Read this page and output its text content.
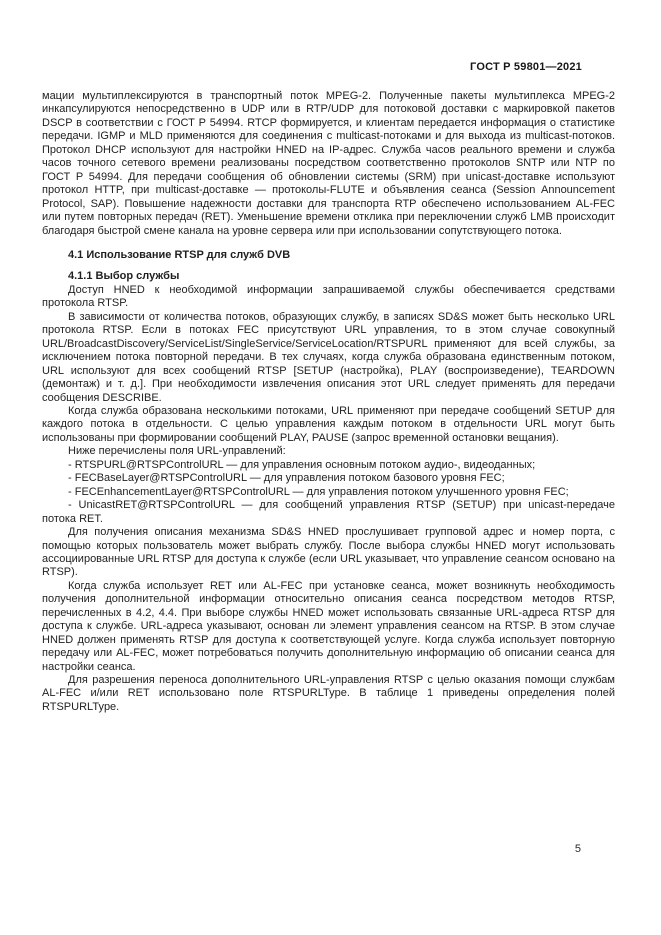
ГОСТ Р 59801—2021

мации мультиплексируются в транспортный поток MPEG-2. Полученные пакеты мультиплекса MPEG-2 инкапсулируются непосредственно в UDP или в RTP/UDP для потоковой доставки с маркировкой пакетов DSCP в соответствии с ГОСТ Р 54994. RTCP формируется, и клиентам передается информация о статистике передачи. IGMP и MLD применяются для соединения с multicast-потоками и для выхода из multicast-потоков. Протокол DHCP используют для настройки HNED на IP-адрес. Служба часов реального времени и служба часов точного сетевого времени реализованы посредством соответственно протоколов SNTP или NTP по ГОСТ Р 54994. Для передачи сообщения об обновлении системы (SRM) при unicast-доставке используют протокол HTTP, при multicast-доставке — протоколы-FLUTE и объявления сеанса (Session Announcement Protocol, SAP). Повышение надежности доставки для транспорта RTP обеспечено использованием AL-FEC или путем повторных передач (RET). Уменьшение времени отклика при переключении служб LMB происходит благодаря быстрой смене канала на уровне сервера или при использовании сопутствующего потока.

4.1 Использование RTSP для служб DVB
4.1.1 Выбор службы

Доступ HNED к необходимой информации запрашиваемой службы обеспечивается средствами протокола RTSP.

В зависимости от количества потоков, образующих службу, в записях SD&S может быть несколько URL протокола RTSP. Если в потоках FEC присутствуют URL управления, то в этом случае совокупный URL/BroadcastDiscovery/ServiceList/SingleService/ServiceLocation/RTSPURL применяют для всей службы, за исключением потока повторной передачи. В тех случаях, когда служба образована единственным потоком, URL используют для всех сообщений RTSP [SETUP (настройка), PLAY (воспроизведение), TEARDOWN (демонтаж) и т. д.]. При необходимости извлечения описания этот URL следует применять для передачи сообщения DESCRIBE.

Когда служба образована несколькими потоками, URL применяют при передаче сообщений SETUP для каждого потока в отдельности. С целью управления каждым потоком в отдельности URL могут быть использованы при формировании сообщений PLAY, PAUSE (запрос временной остановки вещания).

Ниже перечислены поля URL-управлений:

- RTSPURL@RTSPControlURL — для управления основным потоком аудио-, видеоданных;

- FECBaseLayer@RTSPControlURL — для управления потоком базового уровня FEC;

- FECEnhancementLayer@RTSPControlURL — для управления потоком улучшенного уровня FEC;

- UnicastRET@RTSPControlURL — для сообщений управления RTSP (SETUP) при unicast-передаче потока RET.

Для получения описания механизма SD&S HNED прослушивает групповой адрес и номер порта, с помощью которых пользователь может выбрать службу. После выбора службы HNED могут использовать ассоциированные URL RTSP для доступа к службе (если URL указывает, что управление сеансом основано на RTSP).

Когда служба использует RET или AL-FEC при установке сеанса, может возникнуть необходимость получения дополнительной информации относительно описания сеанса посредством методов RTSP, перечисленных в 4.2, 4.4. При выборе службы HNED может использовать связанные URL-адреса RTSP для доступа к службе. URL-адреса указывают, основан ли элемент управления сеансом на RTSP. В этом случае HNED должен применять RTSP для доступа к соответствующей услуге. Когда служба использует повторную передачу или AL-FEC, может потребоваться получить дополнительную информацию об описании сеанса для настройки сеанса.

Для разрешения переноса дополнительного URL-управления RTSP с целью оказания помощи службам AL-FEC и/или RET использовано поле RTSPURLType. В таблице 1 приведены определения полей RTSPURLType.

5
